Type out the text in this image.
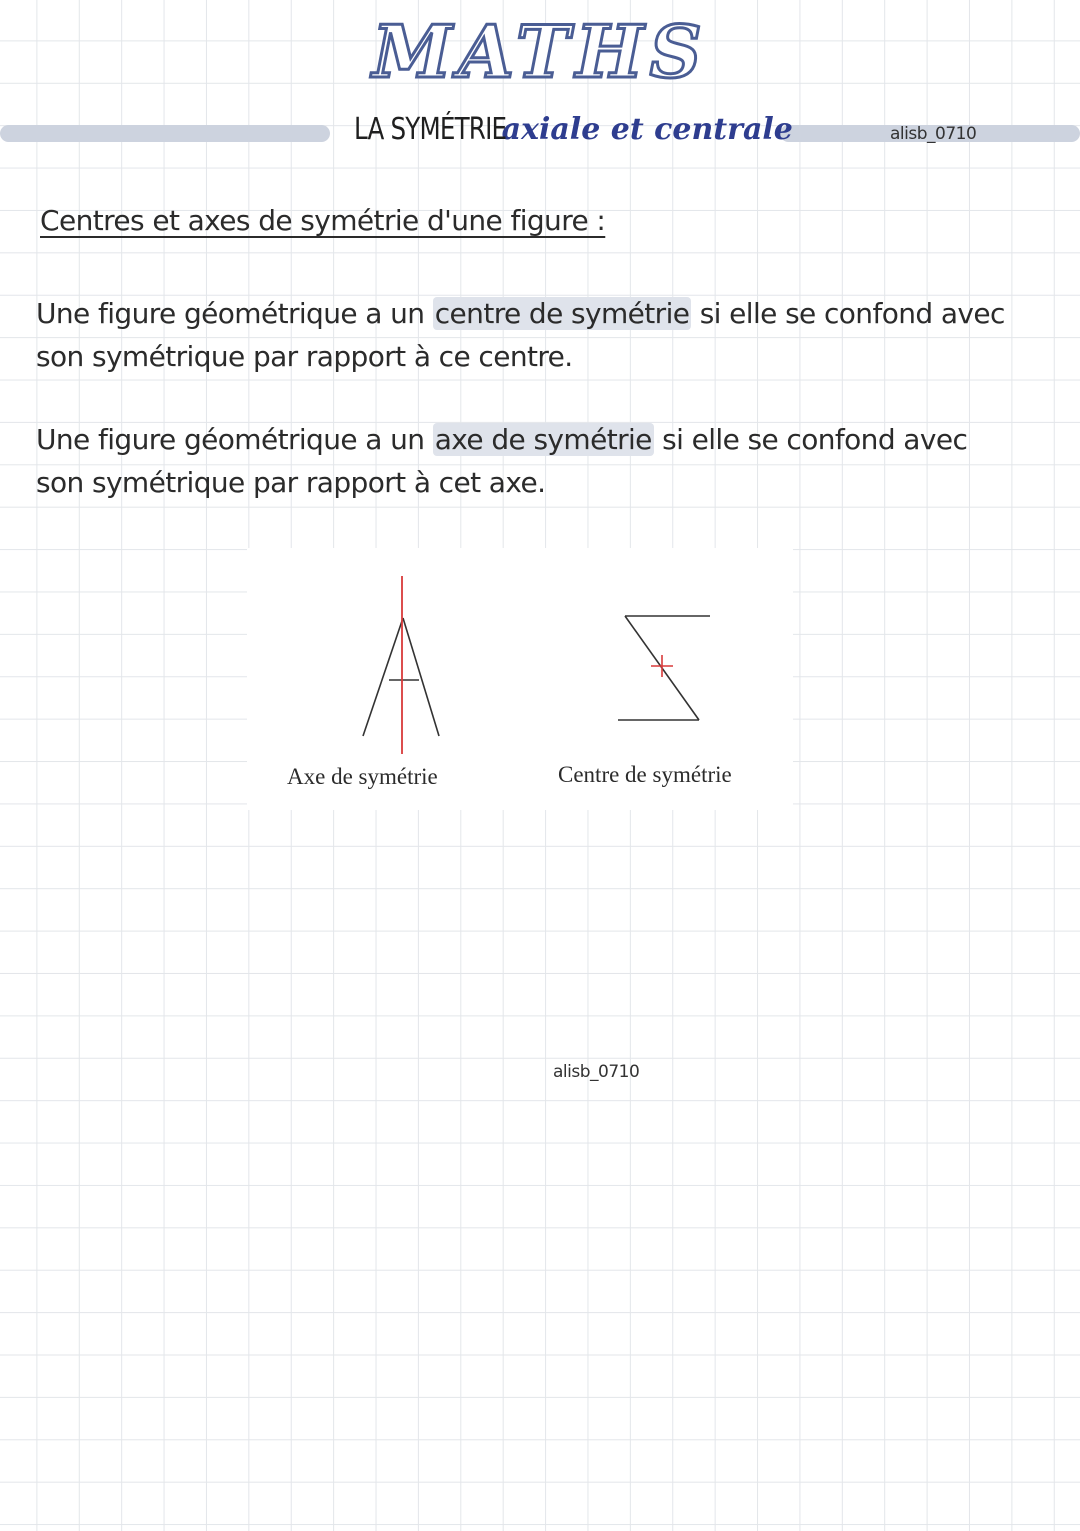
MATHS
LA SYMÉTRIE axiale et centrale	alisb_0710
Centres et axes de symétrie d'une figure :
Une figure géométrique a un centre de symétrie si elle se confond avec son symétrique par rapport à ce centre.
Une figure géométrique a un axe de symétrie si elle se confond avec son symétrique par rapport à cet axe.
Axe de symétrie	Centre de symétrie
alisb_0710
